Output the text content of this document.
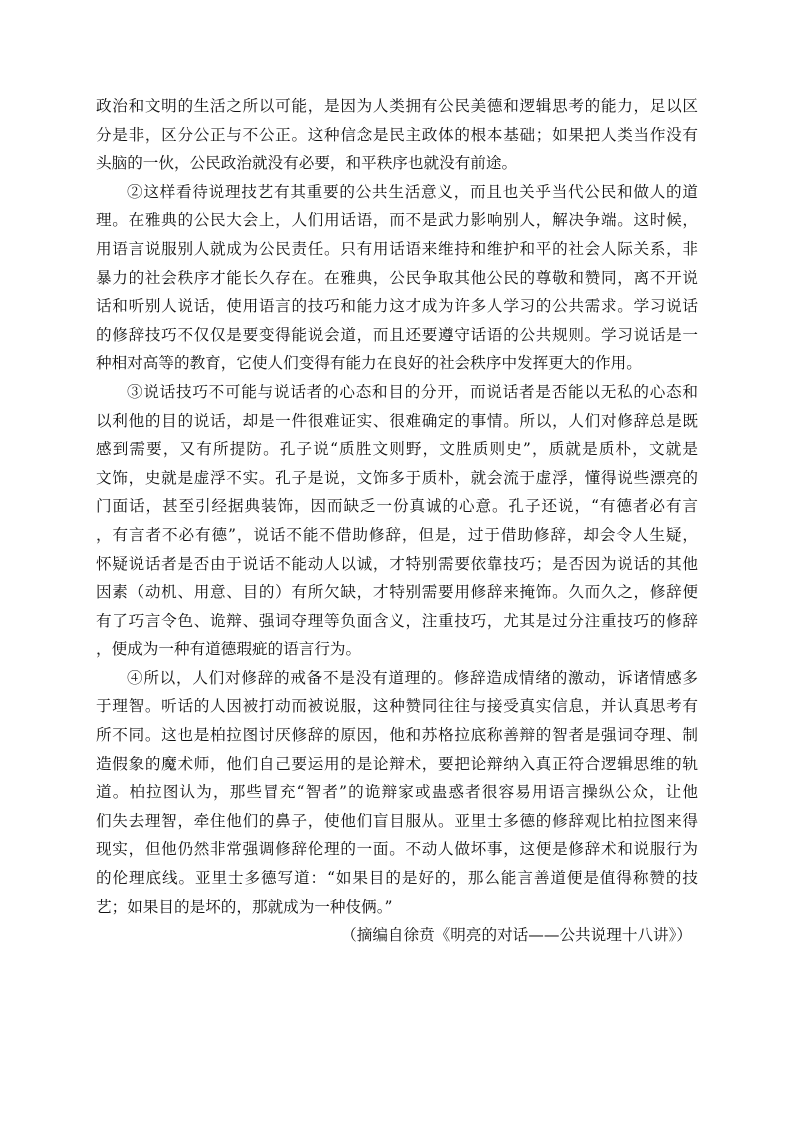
政治和文明的生活之所以可能，是因为人类拥有公民美德和逻辑思考的能力，足以区
分是非，区分公正与不公正。这种信念是民主政体的根本基础；如果把人类当作没有
头脑的一伙，公民政治就没有必要，和平秩序也就没有前途。
②这样看待说理技艺有其重要的公共生活意义，而且也关乎当代公民和做人的道
理。在雅典的公民大会上，人们用话语，而不是武力影响别人，解决争端。这时候，
用语言说服别人就成为公民责任。只有用话语来维持和维护和平的社会人际关系，非
暴力的社会秩序才能长久存在。在雅典，公民争取其他公民的尊敬和赞同，离不开说
话和听别人说话，使用语言的技巧和能力这才成为许多人学习的公共需求。学习说话
的修辞技巧不仅仅是要变得能说会道，而且还要遵守话语的公共规则。学习说话是一
种相对高等的教育，它使人们变得有能力在良好的社会秩序中发挥更大的作用。
③说话技巧不可能与说话者的心态和目的分开，而说话者是否能以无私的心态和
以利他的目的说话，却是一件很难证实、很难确定的事情。所以，人们对修辞总是既
感到需要，又有所提防。孔子说“质胜文则野，文胜质则史”，质就是质朴，文就是
文饰，史就是虚浮不实。孔子是说，文饰多于质朴，就会流于虚浮，懂得说些漂亮的
门面话，甚至引经据典装饰，因而缺乏一份真诚的心意。孔子还说，“有德者必有言
，有言者不必有德”，说话不能不借助修辞，但是，过于借助修辞，却会令人生疑，
怀疑说话者是否由于说话不能动人以诚，才特别需要依靠技巧；是否因为说话的其他
因素（动机、用意、目的）有所欠缺，才特别需要用修辞来掩饰。久而久之，修辞便
有了巧言令色、诡辩、强词夺理等负面含义，注重技巧，尤其是过分注重技巧的修辞
，便成为一种有道德瑕疵的语言行为。
④所以，人们对修辞的戒备不是没有道理的。修辞造成情绪的激动，诉诸情感多
于理智。听话的人因被打动而被说服，这种赞同往往与接受真实信息，并认真思考有
所不同。这也是柏拉图讨厌修辞的原因，他和苏格拉底称善辩的智者是强词夺理、制
造假象的魔术师，他们自己要运用的是论辩术，要把论辩纳入真正符合逻辑思维的轨
道。柏拉图认为，那些冒充“智者”的诡辩家或蛊惑者很容易用语言操纵公众，让他
们失去理智，牵住他们的鼻子，使他们盲目服从。亚里士多德的修辞观比柏拉图来得
现实，但他仍然非常强调修辞伦理的一面。不动人做坏事，这便是修辞术和说服行为
的伦理底线。亚里士多德写道：“如果目的是好的，那么能言善道便是值得称赞的技
艺；如果目的是坏的，那就成为一种伎俩。”
（摘编自徐贲《明亮的对话——公共说理十八讲》）
